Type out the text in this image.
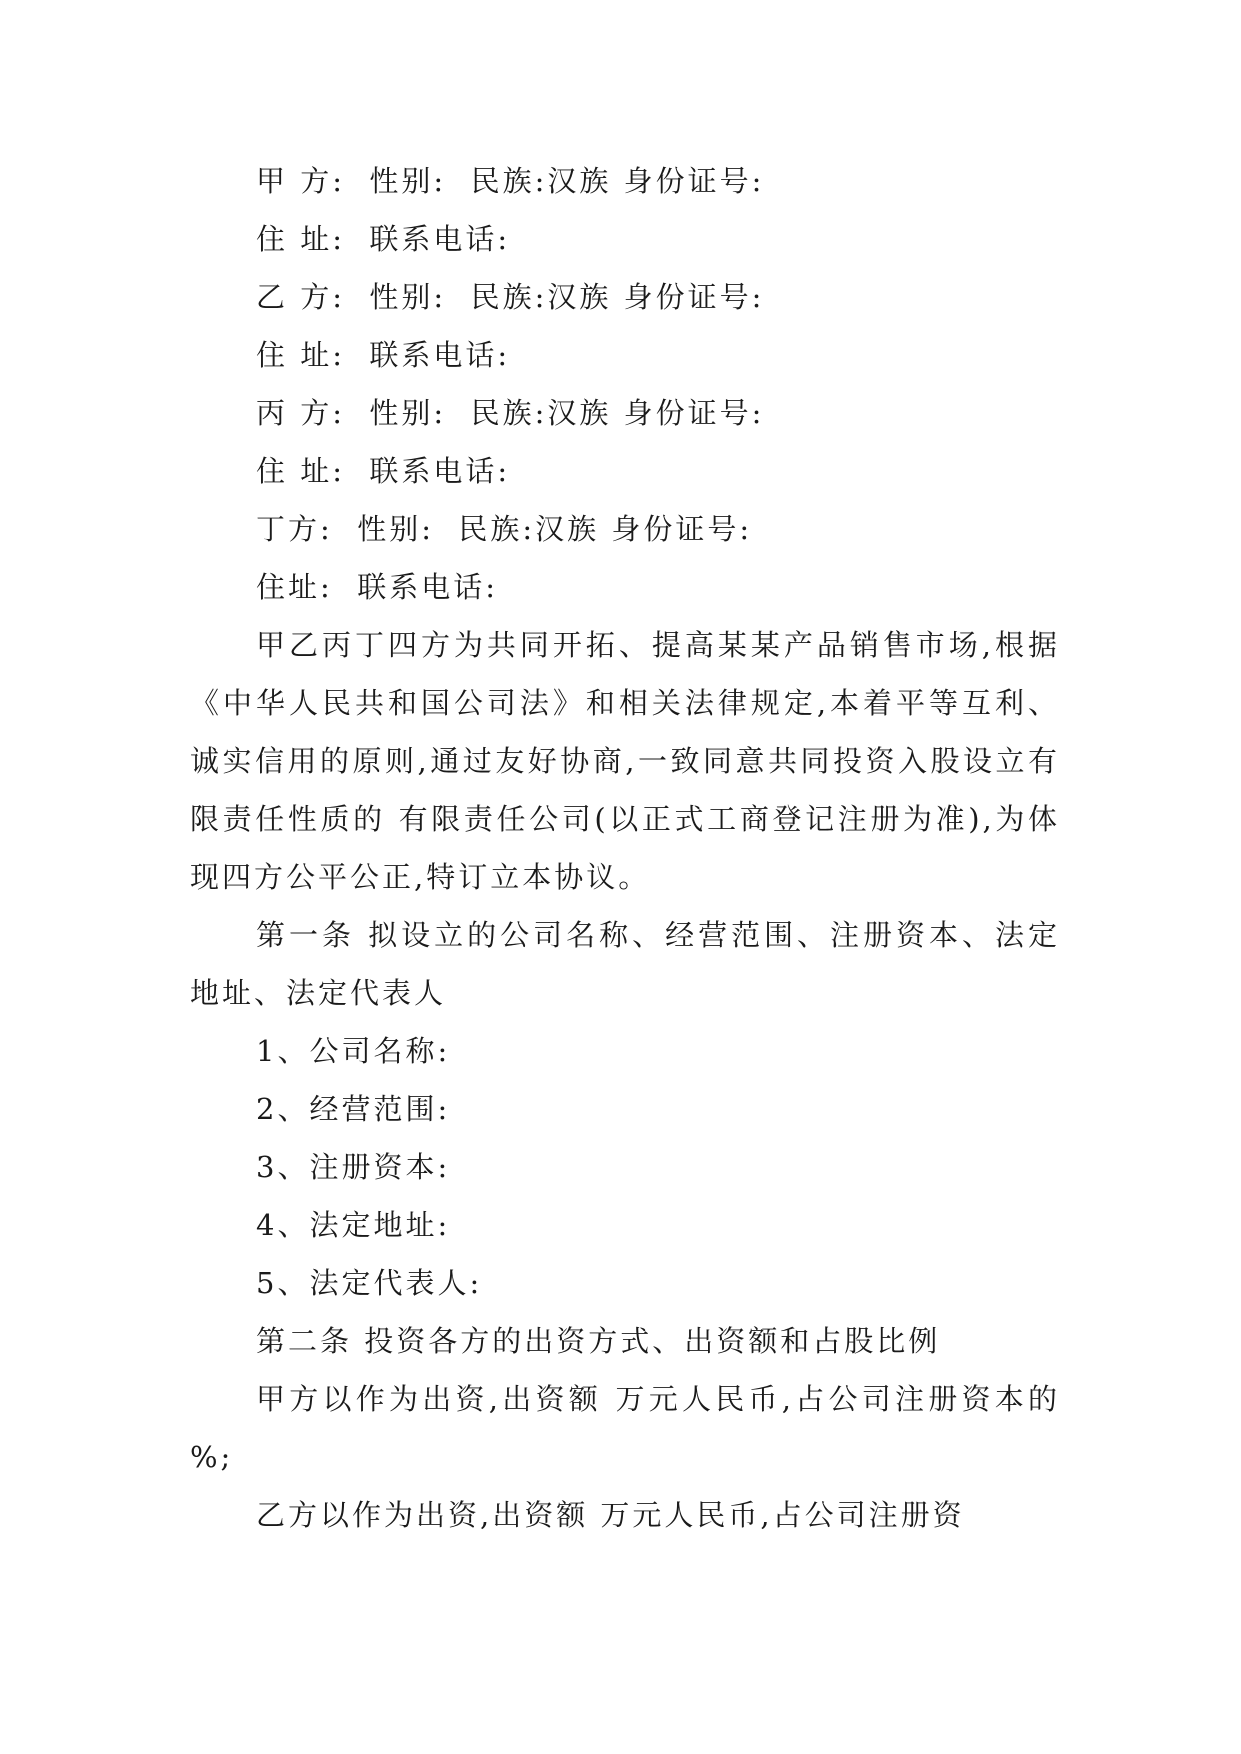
甲 方:  性别:  民族:汉族 身份证号:
住 址:  联系电话:
乙 方:  性别:  民族:汉族 身份证号:
住 址:  联系电话:
丙 方:  性别:  民族:汉族 身份证号:
住 址:  联系电话:
丁方:  性别:  民族:汉族 身份证号:
住址:  联系电话:
甲乙丙丁四方为共同开拓、提高某某产品销售市场,根据《中华人民共和国公司法》和相关法律规定,本着平等互利、诚实信用的原则,通过友好协商,一致同意共同投资入股设立有限责任性质的 有限责任公司(以正式工商登记注册为准),为体现四方公平公正,特订立本协议。
第一条 拟设立的公司名称、经营范围、注册资本、法定地址、法定代表人
1、公司名称:
2、经营范围:
3、注册资本:
4、法定地址:
5、法定代表人:
第二条 投资各方的出资方式、出资额和占股比例
甲方以作为出资,出资额 万元人民币,占公司注册资本的 %;
乙方以作为出资,出资额 万元人民币,占公司注册资
